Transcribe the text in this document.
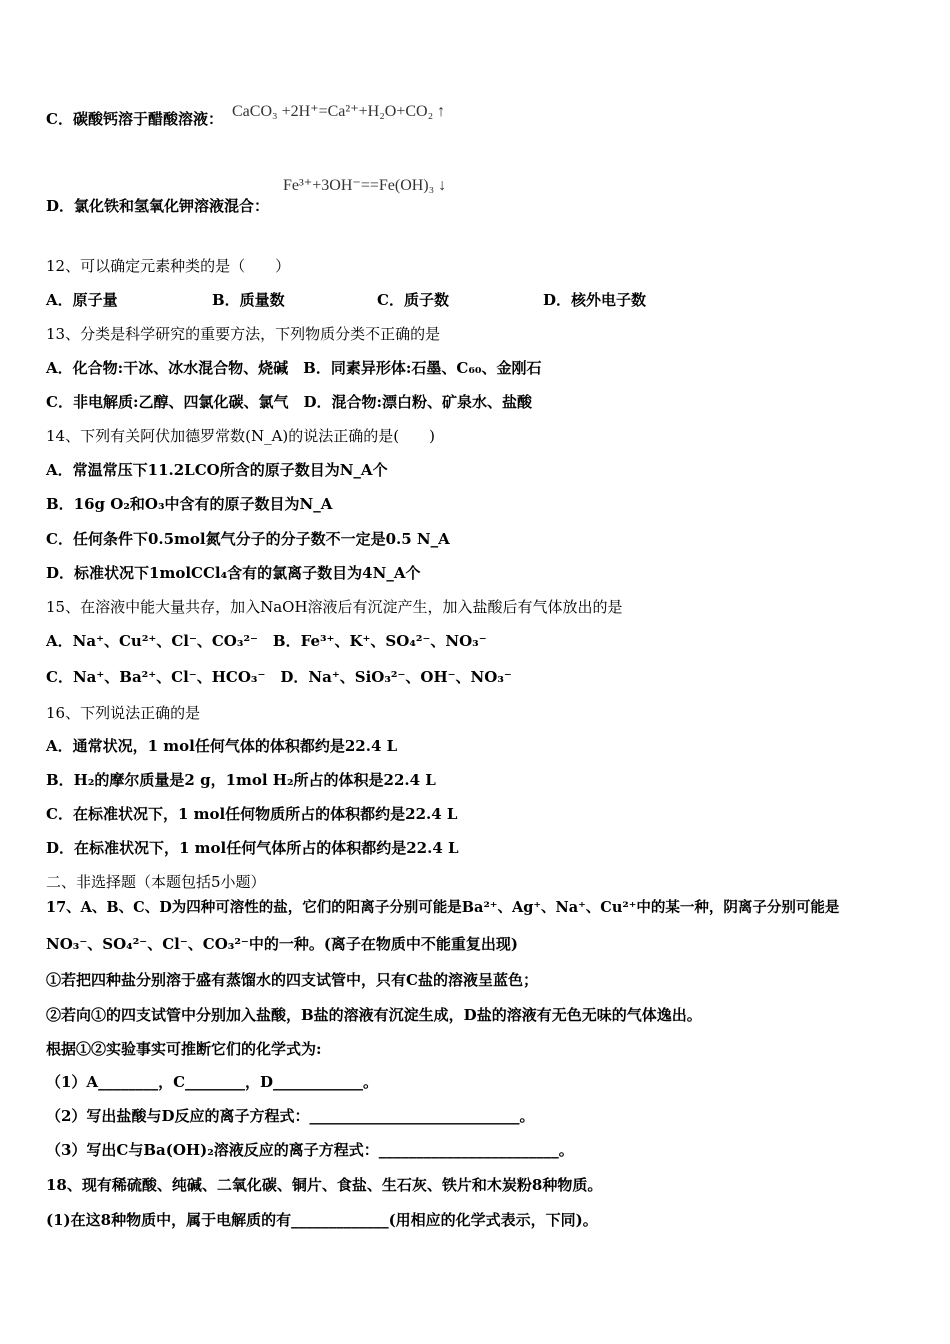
C．碳酸钙溶于醋酸溶液： CaCO₃ +2H⁺=Ca²⁺+H₂O+CO₂ ↑
Fe³⁺+3OH⁻==Fe(OH)₃ ↓
D．氯化铁和氢氧化钾溶液混合：
12、可以确定元素种类的是（　　）
A．原子量	B．质量数	C．质子数	D．核外电子数
13、分类是科学研究的重要方法，下列物质分类不正确的是
A．化合物:干冰、冰水混合物、烧碱　B．同素异形体:石墨、C₆₀、金刚石
C．非电解质:乙醇、四氯化碳、氯气　D．混合物:漂白粉、矿泉水、盐酸
14、下列有关阿伏加德罗常数(N_A)的说法正确的是(　　)
A．常温常压下11.2LCO所含的原子数目为N_A个
B．16g O₂和O₃中含有的原子数目为N_A
C．任何条件下0.5mol氮气分子的分子数不一定是0.5 N_A
D．标准状况下1molCCl₄含有的氯离子数目为4N_A个
15、在溶液中能大量共存，加入NaOH溶液后有沉淀产生，加入盐酸后有气体放出的是
A．Na⁺、Cu²⁺、Cl⁻、CO₃²⁻　B．Fe³⁺、K⁺、SO₄²⁻、NO₃⁻
C．Na⁺、Ba²⁺、Cl⁻、HCO₃⁻　D．Na⁺、SiO₃²⁻、OH⁻、NO₃⁻
16、下列说法正确的是
A．通常状况，1 mol任何气体的体积都约是22.4 L
B．H₂的摩尔质量是2 g，1mol H₂所占的体积是22.4 L
C．在标准状况下，1 mol任何物质所占的体积都约是22.4 L
D．在标准状况下，1 mol任何气体所占的体积都约是22.4 L
二、非选择题（本题包括5小题）
17、A、B、C、D为四种可溶性的盐，它们的阳离子分别可能是Ba²⁺、Ag⁺、Na⁺、Cu²⁺中的某一种，阴离子分别可能是
NO₃⁻、SO₄²⁻、Cl⁻、CO₃²⁻中的一种。(离子在物质中不能重复出现)
①若把四种盐分别溶于盛有蒸馏水的四支试管中，只有C盐的溶液呈蓝色；
②若向①的四支试管中分别加入盐酸，B盐的溶液有沉淀生成，D盐的溶液有无色无味的气体逸出。
根据①②实验事实可推断它们的化学式为:
（1）A________，C________，D____________。
（2）写出盐酸与D反应的离子方程式：____________________________。
（3）写出C与Ba(OH)₂溶液反应的离子方程式：________________________。
18、现有稀硫酸、纯碱、二氧化碳、铜片、食盐、生石灰、铁片和木炭粉8种物质。
(1)在这8种物质中，属于电解质的有_____________(用相应的化学式表示，下同)。
